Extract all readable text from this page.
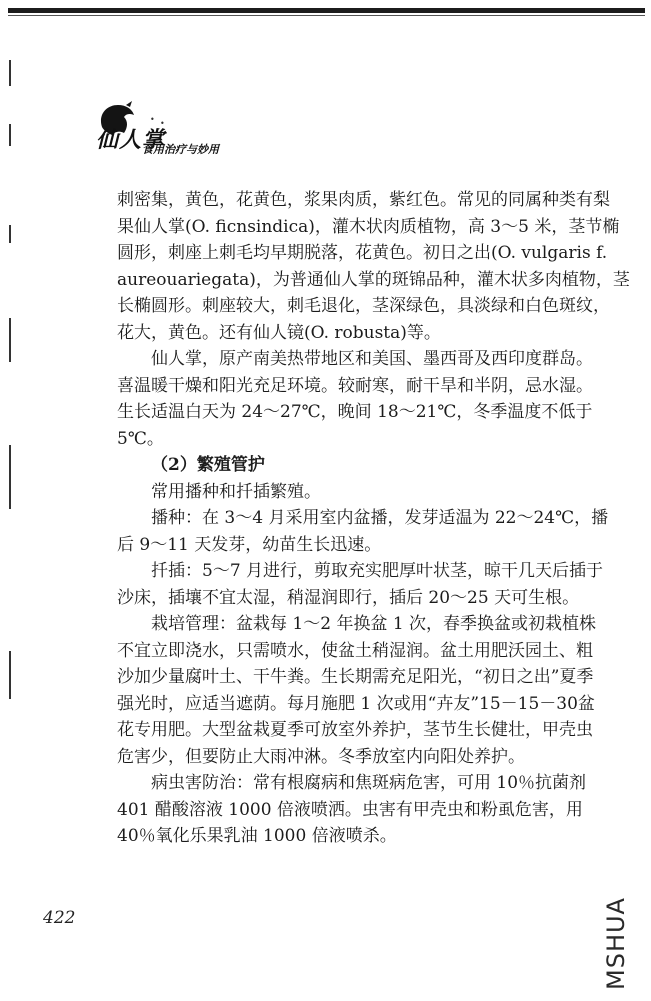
仙人掌
食用治疗与妙用
• •
刺密集，黄色，花黄色，浆果肉质，紫红色。常见的同属种类有梨
果仙人掌(O. ficnsindica)，灌木状肉质植物，高 3～5 米，茎节椭
圆形，刺座上刺毛均早期脱落，花黄色。初日之出(O. vulgaris f.
aureouariegata)，为普通仙人掌的斑锦品种，灌木状多肉植物，茎
长椭圆形。刺座较大，刺毛退化，茎深绿色，具淡绿和白色斑纹，
花大，黄色。还有仙人镜(O. robusta)等。
仙人掌，原产南美热带地区和美国、墨西哥及西印度群岛。
喜温暖干燥和阳光充足环境。较耐寒，耐干旱和半阴，忌水湿。
生长适温白天为 24～27℃，晚间 18～21℃，冬季温度不低于
5℃。
（2）繁殖管护
常用播种和扦插繁殖。
播种：在 3～4 月采用室内盆播，发芽适温为 22～24℃，播
后 9～11 天发芽，幼苗生长迅速。
扦插：5～7 月进行，剪取充实肥厚叶状茎，晾干几天后插于
沙床，插壤不宜太湿，稍湿润即行，插后 20～25 天可生根。
栽培管理：盆栽每 1～2 年换盆 1 次，春季换盆或初栽植株
不宜立即浇水，只需喷水，使盆土稍湿润。盆土用肥沃园土、粗
沙加少量腐叶土、干牛粪。生长期需充足阳光，“初日之出”夏季
强光时，应适当遮荫。每月施肥 1 次或用“卉友”15－15－30盆
花专用肥。大型盆栽夏季可放室外养护，茎节生长健壮，甲壳虫
危害少，但要防止大雨冲淋。冬季放室内向阳处养护。
病虫害防治：常有根腐病和焦斑病危害，可用 10％抗菌剂
401 醋酸溶液 1000 倍液喷洒。虫害有甲壳虫和粉虱危害，用
40％氧化乐果乳油 1000 倍液喷杀。
422	MSHUA
